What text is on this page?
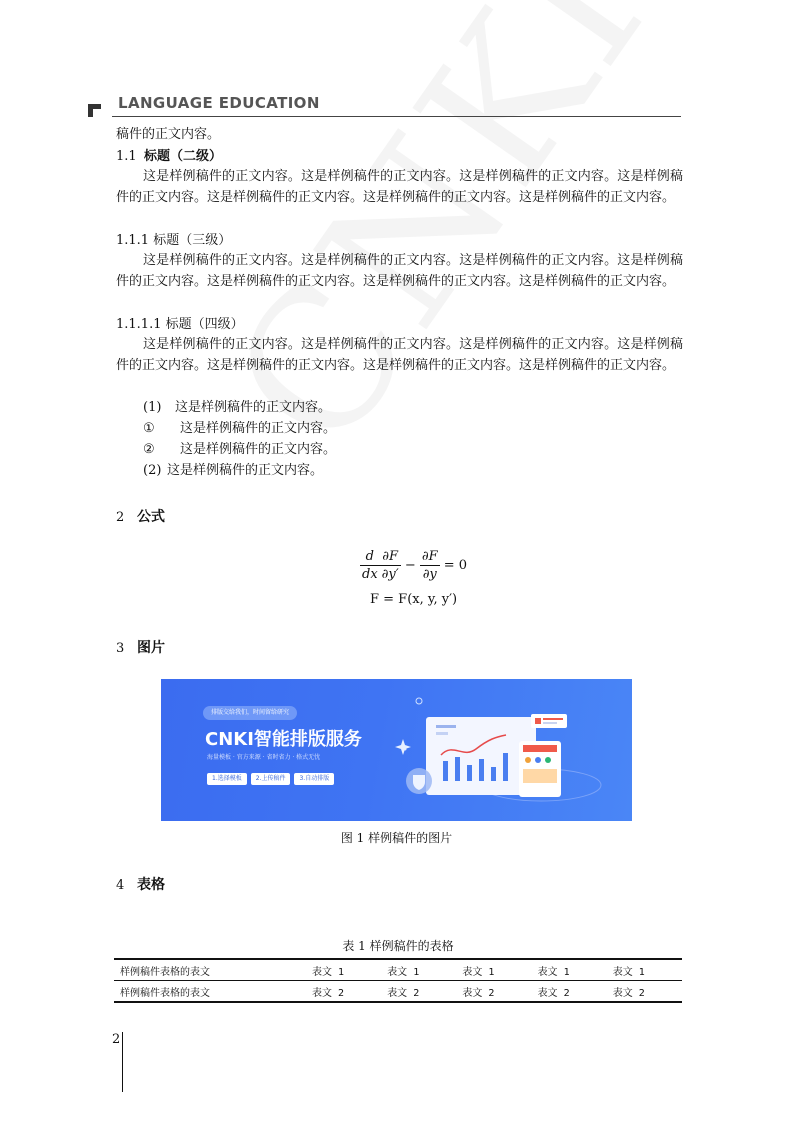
LANGUAGE EDUCATION
稿件的正文内容。
1.1 标题（二级）
这是样例稿件的正文内容。这是样例稿件的正文内容。这是样例稿件的正文内容。这是样例稿件的正文内容。这是样例稿件的正文内容。这是样例稿件的正文内容。这是样例稿件的正文内容。
1.1.1 标题（三级）
这是样例稿件的正文内容。这是样例稿件的正文内容。这是样例稿件的正文内容。这是样例稿件的正文内容。这是样例稿件的正文内容。这是样例稿件的正文内容。这是样例稿件的正文内容。
1.1.1.1 标题（四级）
这是样例稿件的正文内容。这是样例稿件的正文内容。这是样例稿件的正文内容。这是样例稿件的正文内容。这是样例稿件的正文内容。这是样例稿件的正文内容。这是样例稿件的正文内容。
(1) 这是样例稿件的正文内容。
① 这是样例稿件的正文内容。
② 这是样例稿件的正文内容。
(2) 这是样例稿件的正文内容。
2 公式
$\frac{d}{dx} \frac{\partial F}{\partial y'} - \frac{\partial F}{\partial y} = 0$
F = F(x, y, y′)
3 图片
排版交给我们，时间留给研究
CNKI智能排版服务
海量模板 · 官方来源 · 省时省力 · 格式无忧
1.选择模板	2.上传稿件	3.自动排版
图 1 样例稿件的图片
4 表格
表 1 样例稿件的表格
样例稿件表格的表文	表文 1	表文 1	表文 1	表文 1	表文 1
样例稿件表格的表文	表文 2	表文 2	表文 2	表文 2	表文 2
2
